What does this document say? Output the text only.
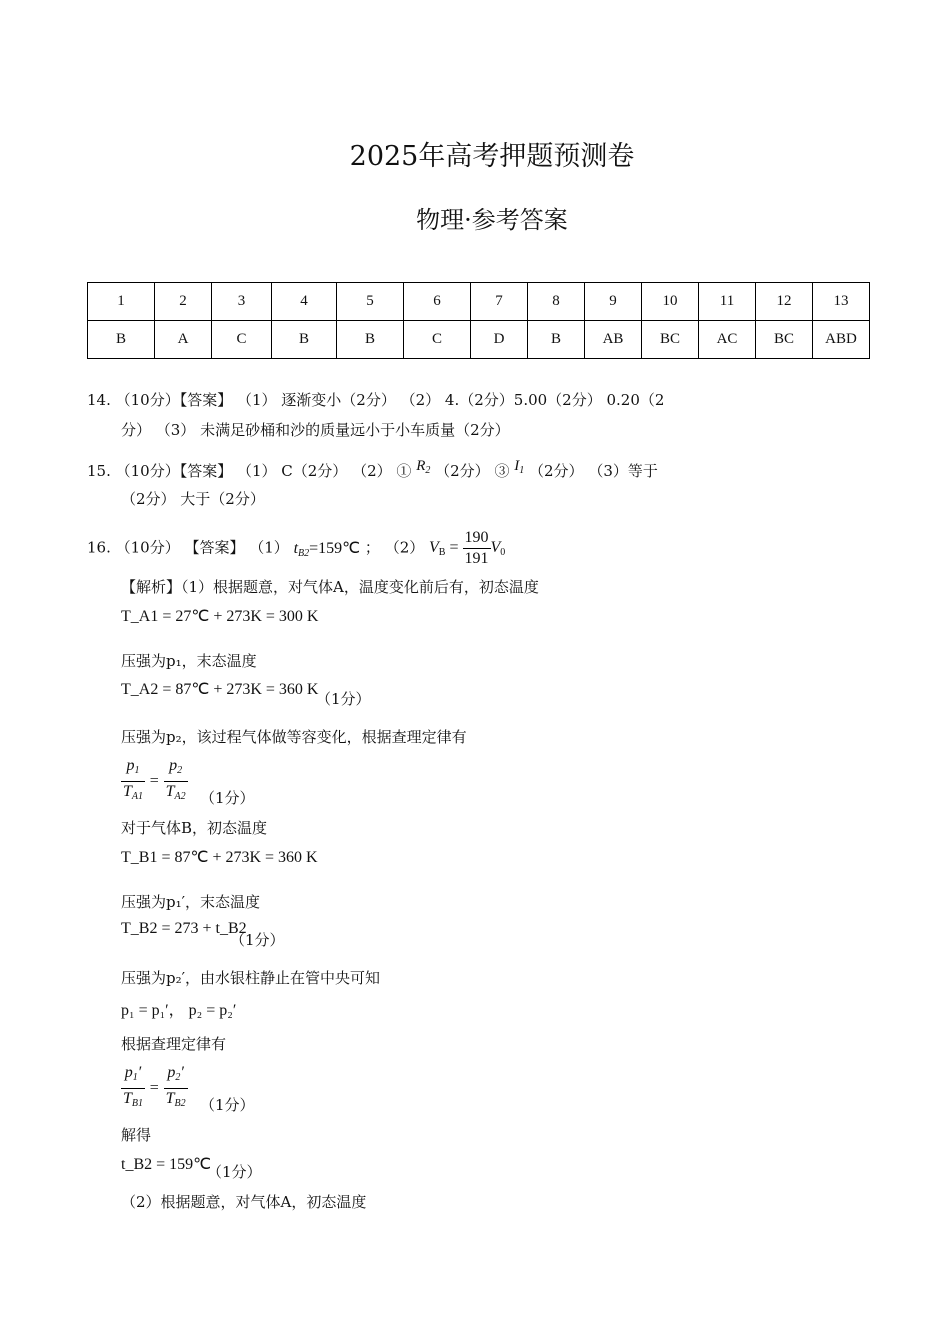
2025年高考押题预测卷
物理·参考答案
1	2	3	4	5	6	7	8	9	10	11	12	13
B	A	C	B	B	C	D	B	AB	BC	AC	BC	ABD
14. （10分）【答案】 （1） 逐渐变小（2分） （2） 4.（2分）5.00（2分） 0.20（2
分） （3） 未满足砂桶和沙的质量远小于小车质量（2分）
15. （10分）【答案】 （1） C（2分） （2） ① $R_2$ （2分） ③ $I_1$ （2分） （3）等于
（2分） 大于（2分）
16. （10分） 【答案】 （1） $t_{B2}=159℃$ ； （2） $V_B = \frac{190}{191} V_0$
【解析】（1）根据题意，对气体A，温度变化前后有，初态温度
T_A1 = 27℃ + 273K = 300 K
压强为p₁，末态温度
T_A2 = 87℃ + 273K = 360 K
（1分）
压强为p₂，该过程气体做等容变化，根据查理定律有
$\frac{p_1}{T_{A1}} = \frac{p_2}{T_{A2}} (1$分）
对于气体B，初态温度
T_B1 = 87℃ + 273K = 360 K
压强为p₁′，末态温度
T_B2 = 273 + t_B2
（1分）
压强为p₂′，由水银柱静止在管中央可知
p₁ = p₁′， p₂ = p₂′
根据查理定律有
$\frac{p_1'}{T_{B1}} = \frac{p_2'}{T_{B2}} (1$分）
解得
t_B2 = 159℃
（1分）
（2）根据题意，对气体A，初态温度
